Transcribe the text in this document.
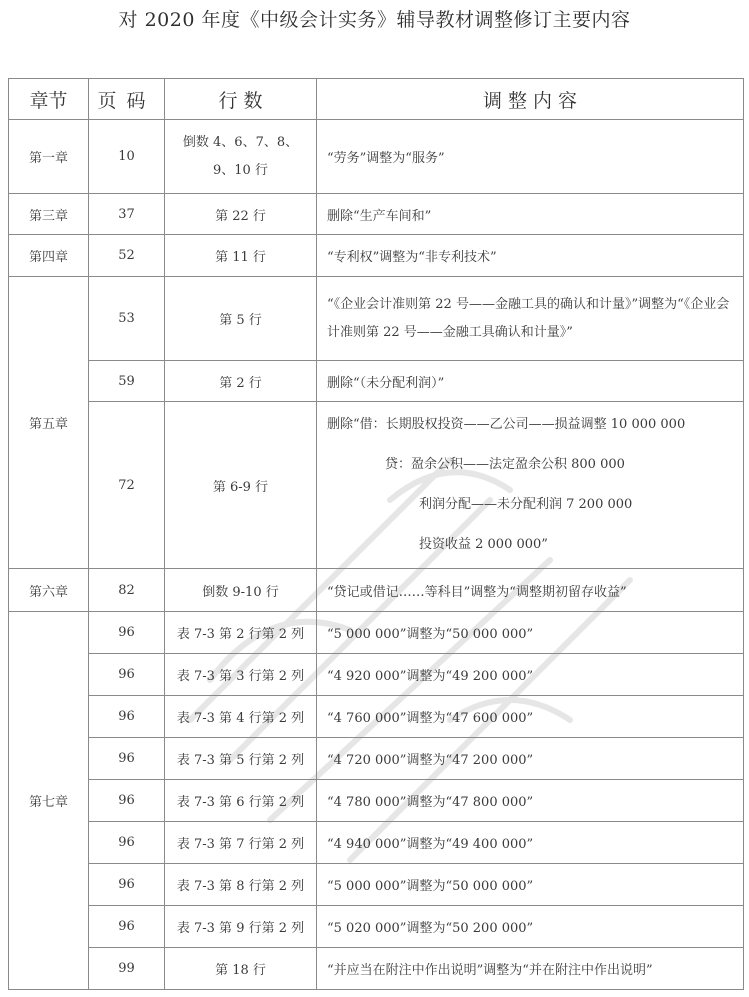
对 2020 年度《中级会计实务》辅导教材调整修订主要内容
章节	页码	行 数	调 整 内 容
第一章	10	倒数 4、6、7、8、9、10 行	“劳务”调整为“服务”
第三章	37	第 22 行	删除“生产车间和”
第四章	52	第 11 行	“专利权”调整为“非专利技术”
第五章	53	第 5 行	“《企业会计准则第 22 号——金融工具的确认和计量》”调整为“《企业会计准则第 22 号——金融工具确认和计量》”
	59	第 2 行	删除“（未分配利润）”
	72	第 6-9 行	删除“借：长期股权投资——乙公司——损益调整 10 000 000
贷：盈余公积——法定盈余公积 800 000
利润分配——未分配利润 7 200 000
投资收益 2 000 000”

第六章	82	倒数 9-10 行	“贷记或借记……等科目”调整为“调整期初留存收益”
第七章	96	表 7-3 第 2 行第 2 列	“5 000 000”调整为“50 000 000”
	96	表 7-3 第 3 行第 2 列	“4 920 000”调整为“49 200 000”
	96	表 7-3 第 4 行第 2 列	“4 760 000”调整为“47 600 000”
	96	表 7-3 第 5 行第 2 列	“4 720 000”调整为“47 200 000”
	96	表 7-3 第 6 行第 2 列	“4 780 000”调整为“47 800 000”
	96	表 7-3 第 7 行第 2 列	“4 940 000”调整为“49 400 000”
	96	表 7-3 第 8 行第 2 列	“5 000 000”调整为“50 000 000”
	96	表 7-3 第 9 行第 2 列	“5 020 000”调整为“50 200 000”
	99	第 18 行	“并应当在附注中作出说明”调整为“并在附注中作出说明”
